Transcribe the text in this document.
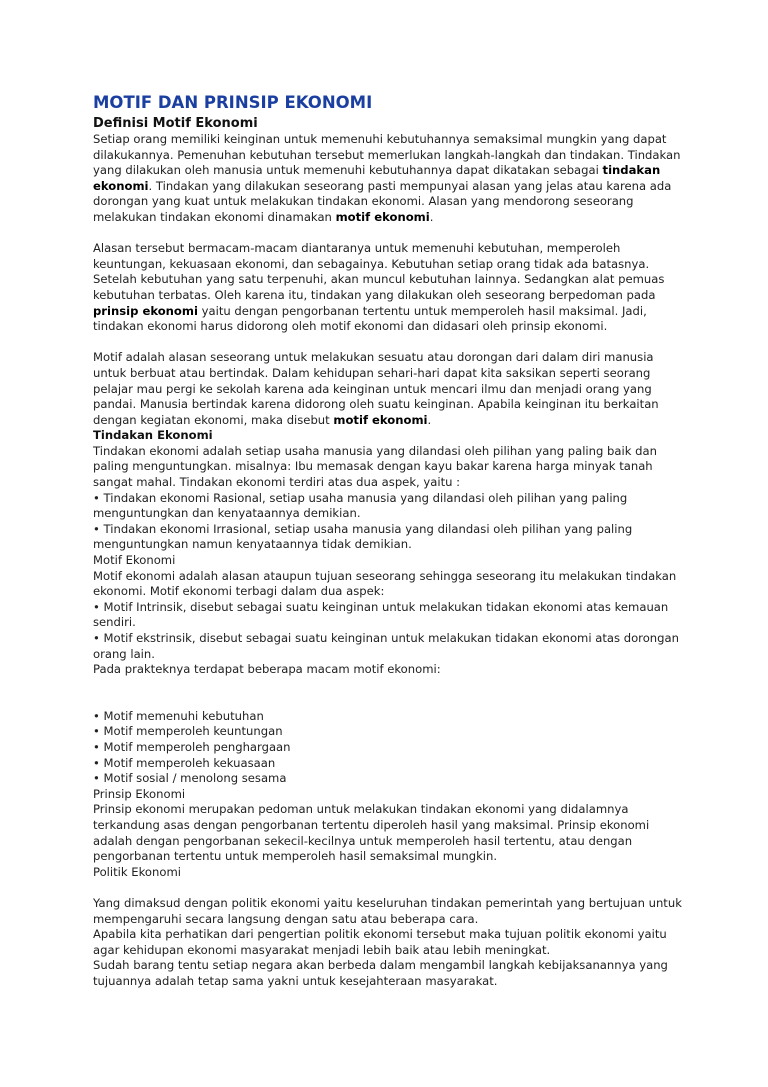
MOTIF DAN PRINSIP EKONOMI
Definisi Motif Ekonomi

Setiap orang memiliki keinginan untuk memenuhi kebutuhannya semaksimal mungkin yang dapat dilakukannya. Pemenuhan kebutuhan tersebut memerlukan langkah-langkah dan tindakan. Tindakan yang dilakukan oleh manusia untuk memenuhi kebutuhannya dapat dikatakan sebagai tindakan ekonomi. Tindakan yang dilakukan seseorang pasti mempunyai alasan yang jelas atau karena ada dorongan yang kuat untuk melakukan tindakan ekonomi. Alasan yang mendorong seseorang melakukan tindakan ekonomi dinamakan motif ekonomi.

Alasan tersebut bermacam-macam diantaranya untuk memenuhi kebutuhan, memperoleh keuntungan, kekuasaan ekonomi, dan sebagainya. Kebutuhan setiap orang tidak ada batasnya. Setelah kebutuhan yang satu terpenuhi, akan muncul kebutuhan lainnya. Sedangkan alat pemuas kebutuhan terbatas. Oleh karena itu, tindakan yang dilakukan oleh seseorang berpedoman pada prinsip ekonomi yaitu dengan pengorbanan tertentu untuk memperoleh hasil maksimal. Jadi, tindakan ekonomi harus didorong oleh motif ekonomi dan didasari oleh prinsip ekonomi.

Motif adalah alasan seseorang untuk melakukan sesuatu atau dorongan dari dalam diri manusia untuk berbuat atau bertindak. Dalam kehidupan sehari-hari dapat kita saksikan seperti seorang pelajar mau pergi ke sekolah karena ada keinginan untuk mencari ilmu dan menjadi orang yang pandai. Manusia bertindak karena didorong oleh suatu keinginan. Apabila keinginan itu berkaitan dengan kegiatan ekonomi, maka disebut motif ekonomi.

Tindakan Ekonomi

Tindakan ekonomi adalah setiap usaha manusia yang dilandasi oleh pilihan yang paling baik dan paling menguntungkan. misalnya: Ibu memasak dengan kayu bakar karena harga minyak tanah sangat mahal. Tindakan ekonomi terdiri atas dua aspek, yaitu :

• Tindakan ekonomi Rasional, setiap usaha manusia yang dilandasi oleh pilihan yang paling menguntungkan dan kenyataannya demikian.

• Tindakan ekonomi Irrasional, setiap usaha manusia yang dilandasi oleh pilihan yang paling menguntungkan namun kenyataannya tidak demikian.

Motif Ekonomi

Motif ekonomi adalah alasan ataupun tujuan seseorang sehingga seseorang itu melakukan tindakan ekonomi. Motif ekonomi terbagi dalam dua aspek:

• Motif Intrinsik, disebut sebagai suatu keinginan untuk melakukan tidakan ekonomi atas kemauan sendiri.

• Motif ekstrinsik, disebut sebagai suatu keinginan untuk melakukan tidakan ekonomi atas dorongan orang lain.

Pada prakteknya terdapat beberapa macam motif ekonomi:

• Motif memenuhi kebutuhan
• Motif memperoleh keuntungan
• Motif memperoleh penghargaan
• Motif memperoleh kekuasaan
• Motif sosial / menolong sesama

Prinsip Ekonomi

Prinsip ekonomi merupakan pedoman untuk melakukan tindakan ekonomi yang didalamnya terkandung asas dengan pengorbanan tertentu diperoleh hasil yang maksimal. Prinsip ekonomi adalah dengan pengorbanan sekecil-kecilnya untuk memperoleh hasil tertentu, atau dengan pengorbanan tertentu untuk memperoleh hasil semaksimal mungkin.

Politik Ekonomi

Yang dimaksud dengan politik ekonomi yaitu keseluruhan tindakan pemerintah yang bertujuan untuk mempengaruhi secara langsung dengan satu atau beberapa cara.

Apabila kita perhatikan dari pengertian politik ekonomi tersebut maka tujuan politik ekonomi yaitu agar kehidupan ekonomi masyarakat menjadi lebih baik atau lebih meningkat.

Sudah barang tentu setiap negara akan berbeda dalam mengambil langkah kebijaksanannya yang tujuannya adalah tetap sama yakni untuk kesejahteraan masyarakat.
